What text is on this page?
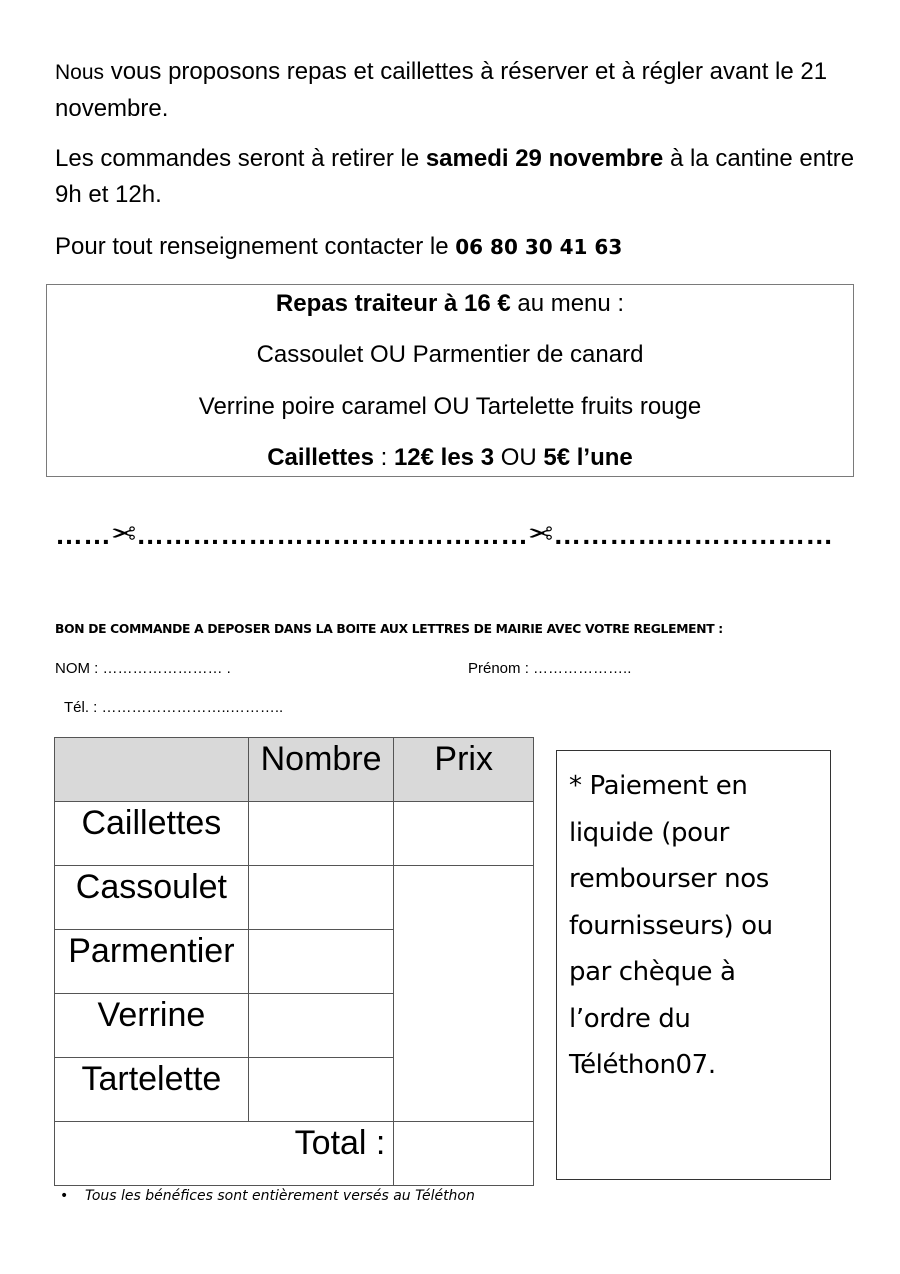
Nous vous proposons repas et caillettes à réserver et à régler avant le 21 novembre.

Les commandes seront à retirer le samedi 29 novembre à la cantine entre 9h et 12h.

Pour tout renseignement contacter le 06 80 30 41 63

Repas traiteur à 16 € au menu :
Cassoulet OU Parmentier de canard
Verrine poire caramel OU Tartelette fruits rouge
Caillettes : 12€ les 3 OU 5€ l’une
……✂……………………………………✂…………………………
BON DE COMMANDE A DEPOSER DANS LA BOITE AUX LETTRES DE MAIRIE AVEC VOTRE REGLEMENT :
NOM : …………………… .	Prénom : ………………..
Tél. : ……………………..………..
	Nombre	Prix
Caillettes		
Cassoulet		
Parmentier		
Verrine		
Tartelette		
Total :		
* Paiement en liquide (pour rembourser nos fournisseurs) ou par chèque à l’ordre du Téléthon07.
• Tous les bénéfices sont entièrement versés au Téléthon
